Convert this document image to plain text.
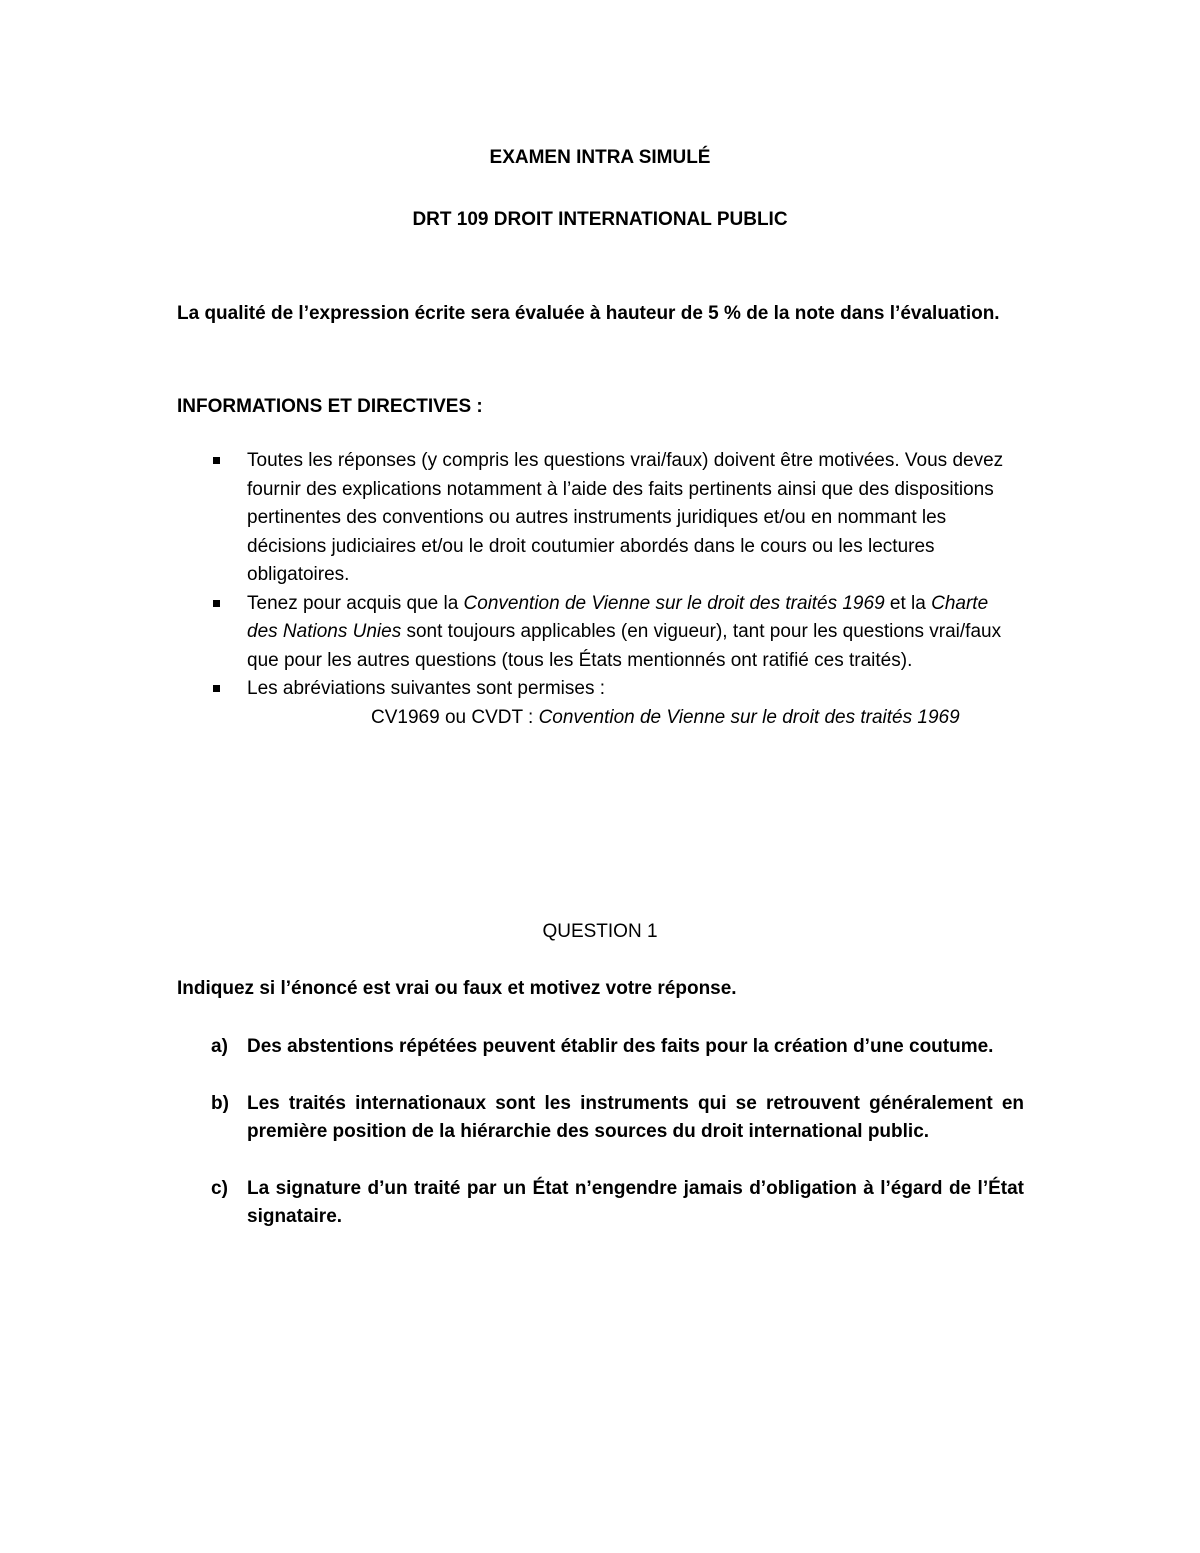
EXAMEN INTRA SIMULÉ
DRT 109 DROIT INTERNATIONAL PUBLIC
La qualité de l’expression écrite sera évaluée à hauteur de 5 % de la note dans l’évaluation.
INFORMATIONS ET DIRECTIVES :
Toutes les réponses (y compris les questions vrai/faux) doivent être motivées. Vous devez fournir des explications notamment à l’aide des faits pertinents ainsi que des dispositions pertinentes des conventions ou autres instruments juridiques et/ou en nommant les décisions judiciaires et/ou le droit coutumier abordés dans le cours ou les lectures obligatoires.
Tenez pour acquis que la Convention de Vienne sur le droit des traités 1969 et la Charte des Nations Unies sont toujours applicables (en vigueur), tant pour les questions vrai/faux que pour les autres questions (tous les États mentionnés ont ratifié ces traités).
Les abréviations suivantes sont permises :
CV1969 ou CVDT : Convention de Vienne sur le droit des traités 1969
QUESTION 1
Indiquez si l’énoncé est vrai ou faux et motivez votre réponse.
a) Des abstentions répétées peuvent établir des faits pour la création d’une coutume.
b) Les traités internationaux sont les instruments qui se retrouvent généralement en première position de la hiérarchie des sources du droit international public.
c) La signature d’un traité par un État n’engendre jamais d’obligation à l’égard de l’État signataire.
